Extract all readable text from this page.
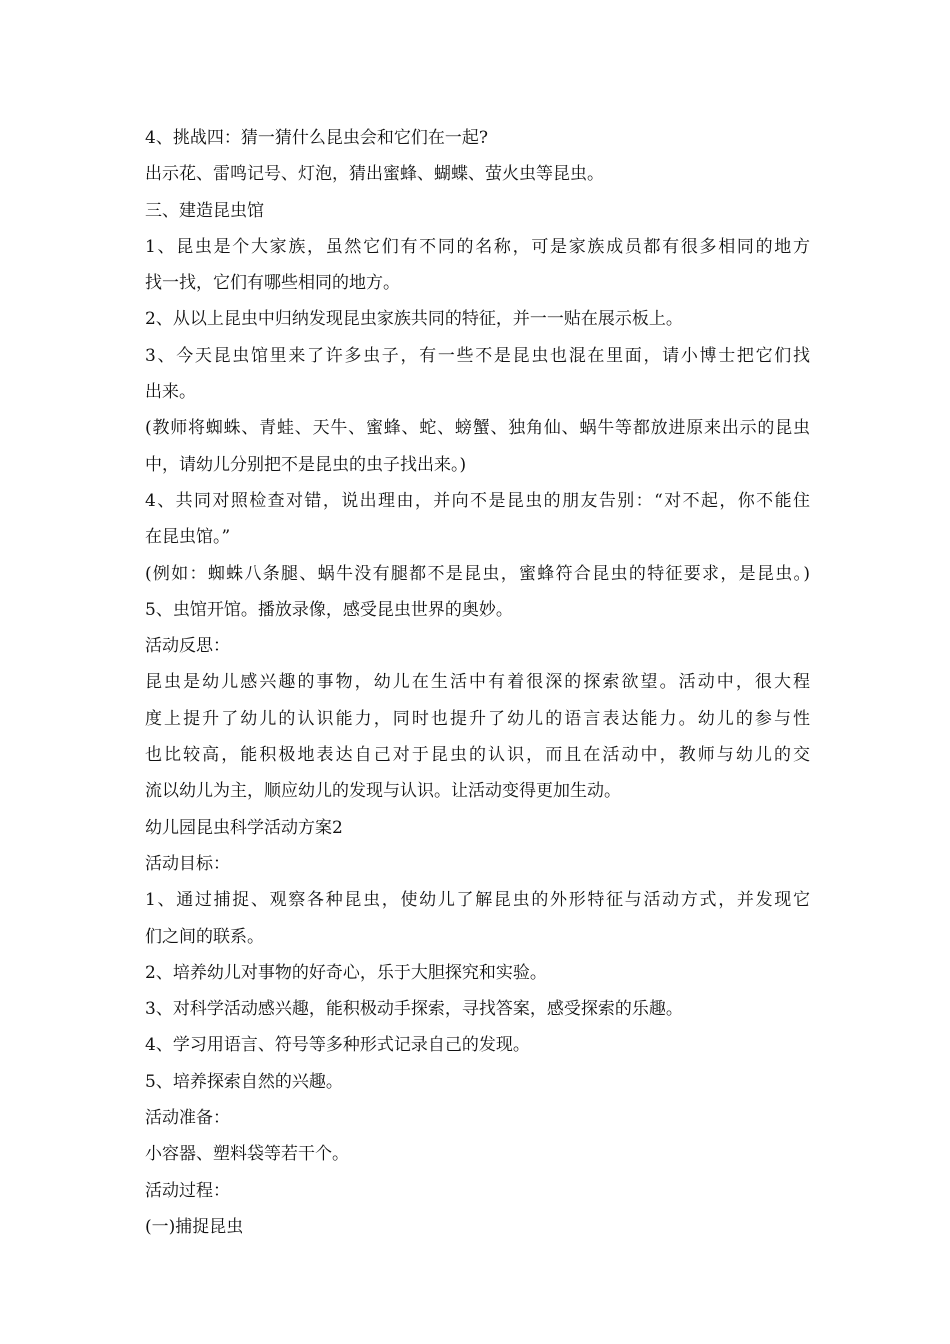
4、挑战四：猜一猜什么昆虫会和它们在一起?
出示花、雷鸣记号、灯泡，猜出蜜蜂、蝴蝶、萤火虫等昆虫。
三、建造昆虫馆
1、昆虫是个大家族，虽然它们有不同的名称，可是家族成员都有很多相同的地方
找一找，它们有哪些相同的地方。
2、从以上昆虫中归纳发现昆虫家族共同的特征，并一一贴在展示板上。
3、今天昆虫馆里来了许多虫子，有一些不是昆虫也混在里面，请小博士把它们找
出来。
(教师将蜘蛛、青蛙、天牛、蜜蜂、蛇、螃蟹、独角仙、蜗牛等都放进原来出示的昆虫
中，请幼儿分别把不是昆虫的虫子找出来。)
4、共同对照检查对错，说出理由，并向不是昆虫的朋友告别：“对不起，你不能住
在昆虫馆。”
(例如：蜘蛛八条腿、蜗牛没有腿都不是昆虫，蜜蜂符合昆虫的特征要求，是昆虫。)
5、虫馆开馆。播放录像，感受昆虫世界的奥妙。
活动反思：
昆虫是幼儿感兴趣的事物，幼儿在生活中有着很深的探索欲望。活动中，很大程
度上提升了幼儿的认识能力，同时也提升了幼儿的语言表达能力。幼儿的参与性
也比较高，能积极地表达自己对于昆虫的认识，而且在活动中，教师与幼儿的交
流以幼儿为主，顺应幼儿的发现与认识。让活动变得更加生动。
幼儿园昆虫科学活动方案2
活动目标：
1、通过捕捉、观察各种昆虫，使幼儿了解昆虫的外形特征与活动方式，并发现它
们之间的联系。
2、培养幼儿对事物的好奇心，乐于大胆探究和实验。
3、对科学活动感兴趣，能积极动手探索，寻找答案，感受探索的乐趣。
4、学习用语言、符号等多种形式记录自己的发现。
5、培养探索自然的兴趣。
活动准备：
小容器、塑料袋等若干个。
活动过程：
(一)捕捉昆虫
